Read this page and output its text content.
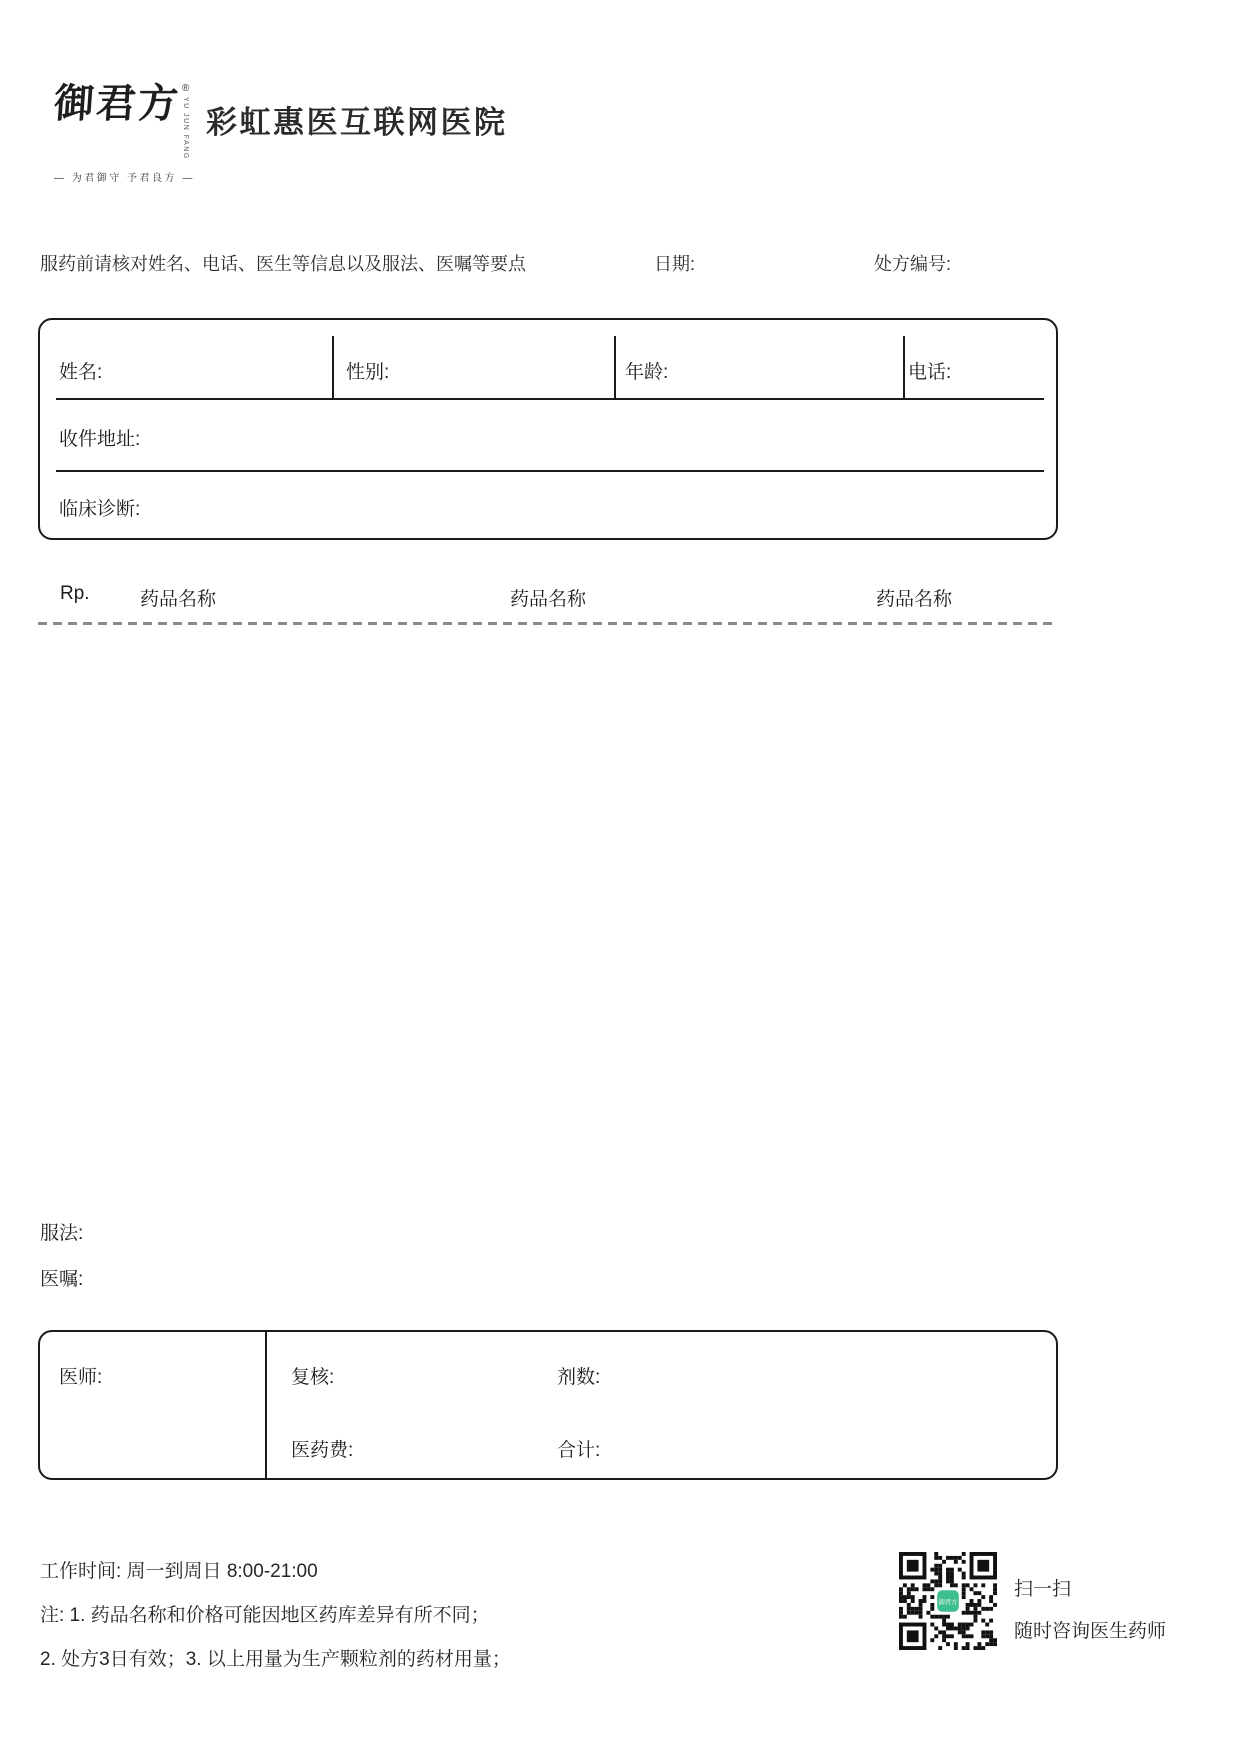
御君方 ®
YU JUN FANG
— 为君御守 予君良方 —
彩虹惠医互联网医院
服药前请核对姓名、电话、医生等信息以及服法、医嘱等要点	日期:	处方编号:
姓名:	性别:	年龄:	电话:
收件地址:
临床诊断:
Rp.	药品名称	药品名称	药品名称
服法:
医嘱:
医师:	复核:	剂数:
医药费:	合计:
工作时间: 周一到周日 8:00-21:00
注: 1. 药品名称和价格可能因地区药库差异有所不同；
2. 处方3日有效；3. 以上用量为生产颗粒剂的药材用量；
御君方
扫一扫
随时咨询医生药师
